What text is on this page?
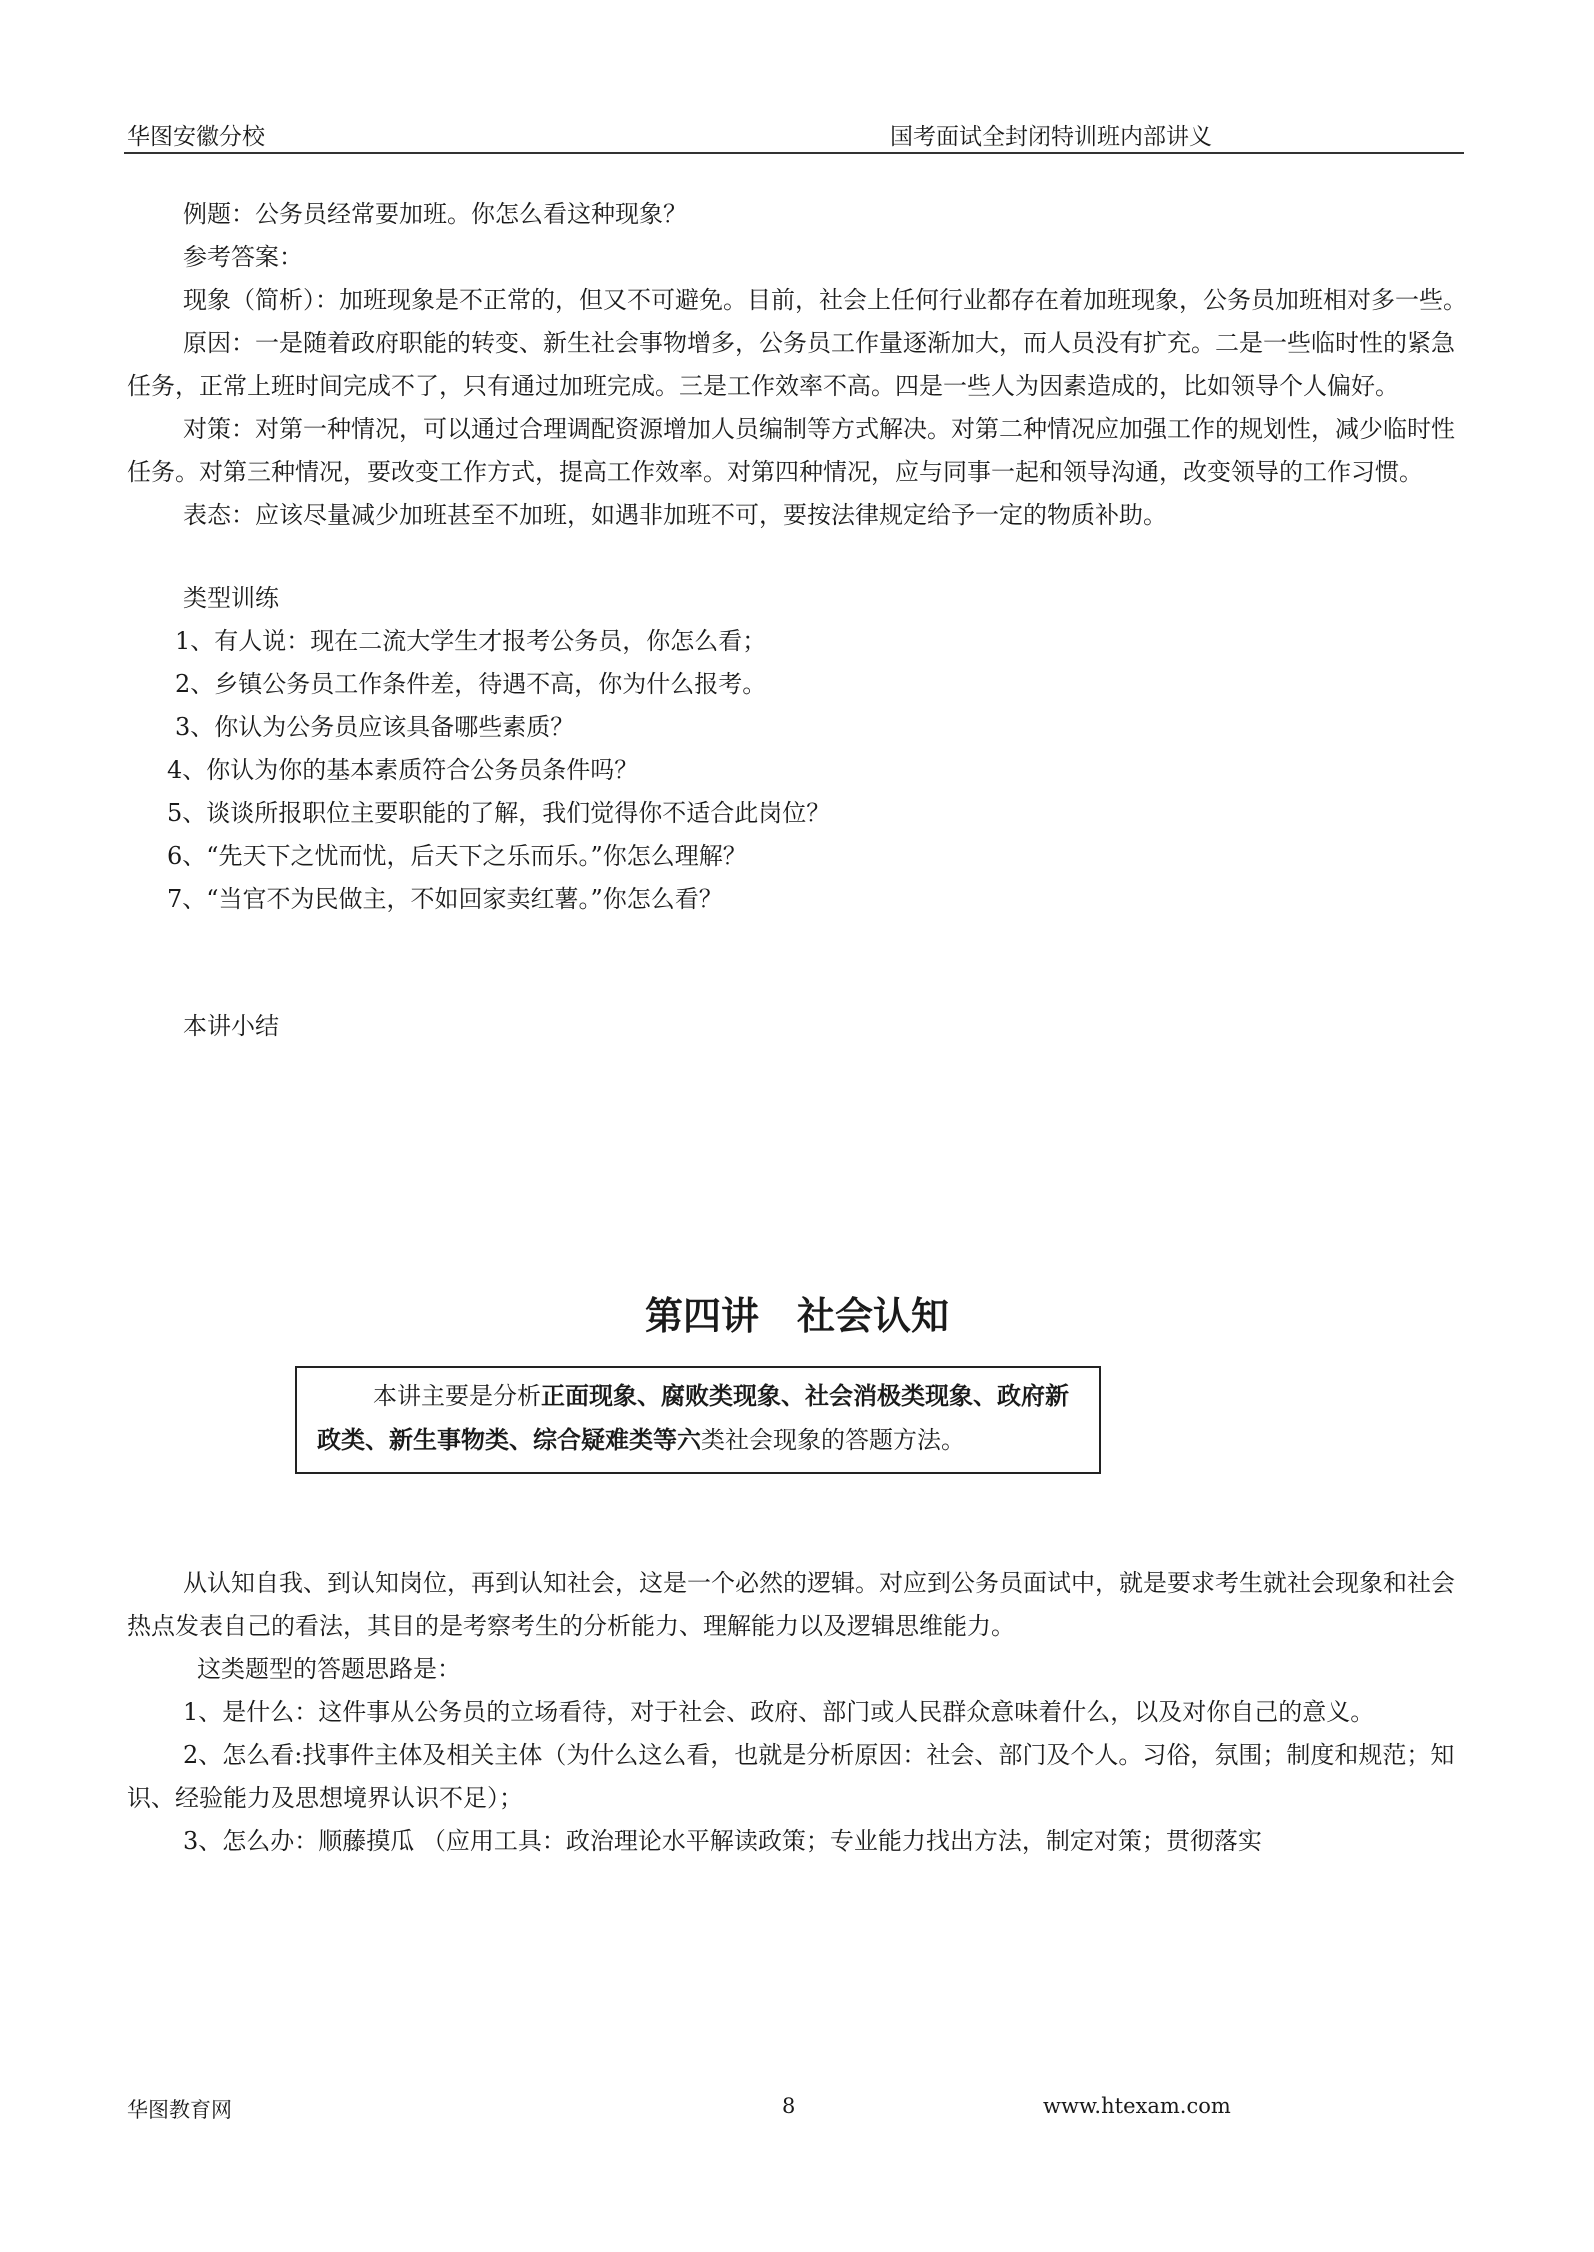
华图安徽分校	国考面试全封闭特训班内部讲义

例题：公务员经常要加班。你怎么看这种现象？

参考答案：

现象（简析）：加班现象是不正常的，但又不可避免。目前，社会上任何行业都存在着加班现象，公务员加班相对多一些。

原因：一是随着政府职能的转变、新生社会事物增多，公务员工作量逐渐加大，而人员没有扩充。二是一些临时性的紧急任务，正常上班时间完成不了，只有通过加班完成。三是工作效率不高。四是一些人为因素造成的，比如领导个人偏好。

对策：对第一种情况，可以通过合理调配资源增加人员编制等方式解决。对第二种情况应加强工作的规划性，减少临时性任务。对第三种情况，要改变工作方式，提高工作效率。对第四种情况，应与同事一起和领导沟通，改变领导的工作习惯。

表态：应该尽量减少加班甚至不加班，如遇非加班不可，要按法律规定给予一定的物质补助。

类型训练

1、有人说：现在二流大学生才报考公务员，你怎么看；

2、乡镇公务员工作条件差，待遇不高，你为什么报考。

3、你认为公务员应该具备哪些素质？

4、你认为你的基本素质符合公务员条件吗？

5、谈谈所报职位主要职能的了解，我们觉得你不适合此岗位？

6、“先天下之忧而忧，后天下之乐而乐。”你怎么理解？

7、“当官不为民做主，不如回家卖红薯。”你怎么看？

本讲小结

第四讲　社会认知

本讲主要是分析正面现象、腐败类现象、社会消极类现象、政府新政类、新生事物类、综合疑难类等六类社会现象的答题方法。

从认知自我、到认知岗位，再到认知社会，这是一个必然的逻辑。对应到公务员面试中，就是要求考生就社会现象和社会热点发表自己的看法，其目的是考察考生的分析能力、理解能力以及逻辑思维能力。

这类题型的答题思路是：

1、是什么：这件事从公务员的立场看待，对于社会、政府、部门或人民群众意味着什么，以及对你自己的意义。

2、怎么看:找事件主体及相关主体（为什么这么看，也就是分析原因：社会、部门及个人。习俗，氛围；制度和规范；知识、经验能力及思想境界认识不足）；

3、怎么办：顺藤摸瓜 （应用工具：政治理论水平解读政策；专业能力找出方法，制定对策；贯彻落实

华图教育网	8	www.htexam.com
